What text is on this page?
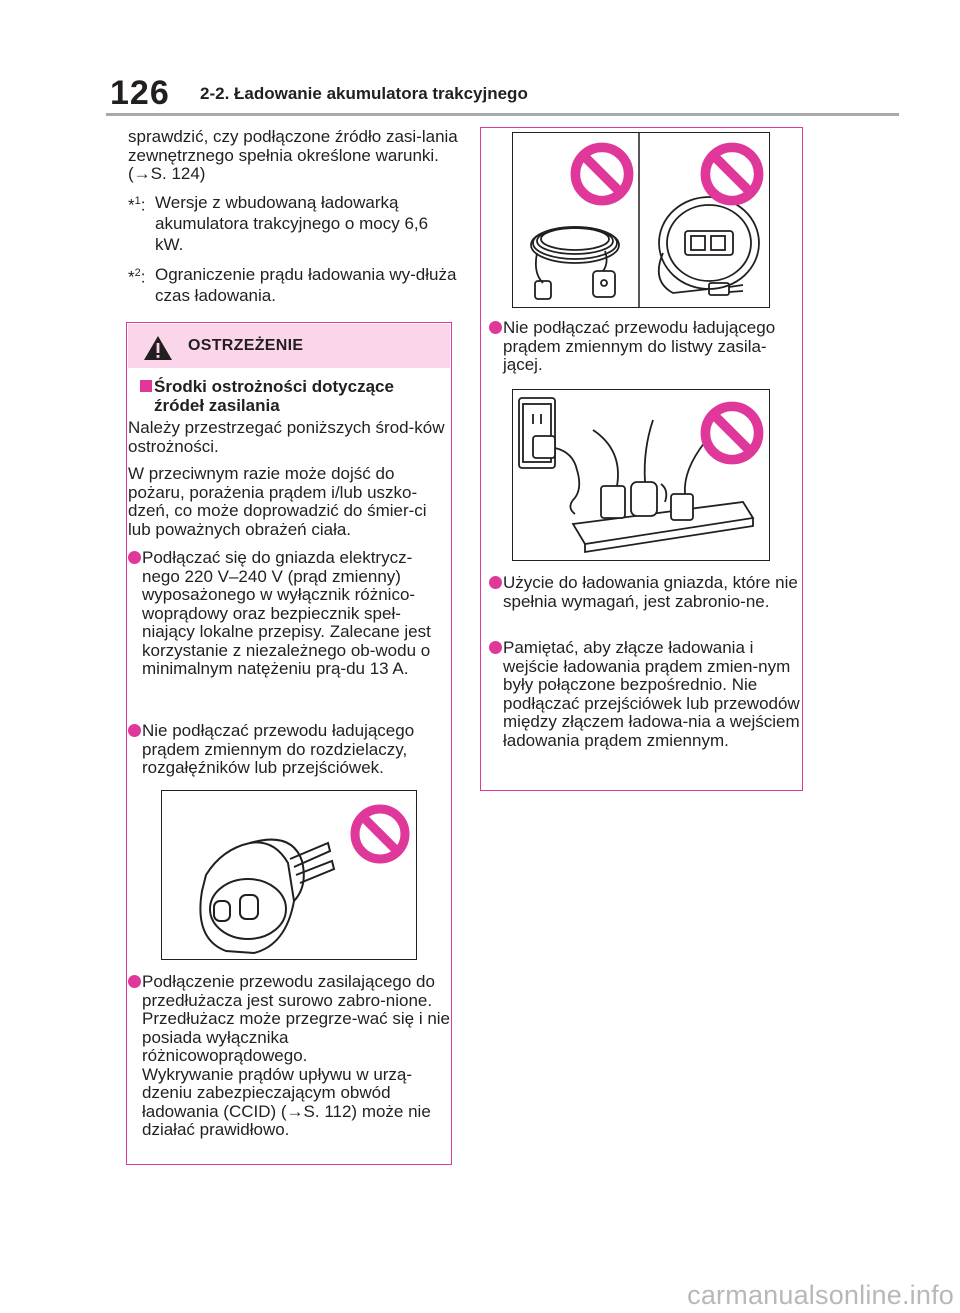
126 2-2. Ładowanie akumulatora trakcyjnego
sprawdzić, czy podłączone źródło zasi-lania zewnętrznego spełnia określone warunki. (→S. 124)
*$^1$: Wersje z wbudowaną ładowarką akumulatora trakcyjnego o mocy 6,6 kW.
*$^2$: Ograniczenie prądu ładowania wy-dłuża czas ładowania.
OSTRZEŻENIE
Środki ostrożności dotyczące źródeł zasilania
Należy przestrzegać poniższych środ-ków ostrożności.
W przeciwnym razie może dojść do pożaru, porażenia prądem i/lub uszko-dzeń, co może doprowadzić do śmier-ci lub poważnych obrażeń ciała.
Podłączać się do gniazda elektrycz-nego 220 V–240 V (prąd zmienny) wyposażonego w wyłącznik różnico-woprądowy oraz bezpiecznik speł-niający lokalne przepisy. Zalecane jest korzystanie z niezależnego ob-wodu o minimalnym natężeniu prą-du 13 A.
Nie podłączać przewodu ładującego prądem zmiennym do rozdzielaczy, rozgałęźników lub przejściówek.
Podłączenie przewodu zasilającego do przedłużacza jest surowo zabro-nione. Przedłużacz może przegrze-wać się i nie posiada wyłącznika różnicowoprądowego.
Wykrywanie prądów upływu w urzą-dzeniu zabezpieczającym obwód ładowania (CCID) (→S. 112) może nie działać prawidłowo.
Nie podłączać przewodu ładującego prądem zmiennym do listwy zasila-jącej.
Użycie do ładowania gniazda, które nie spełnia wymagań, jest zabronio-ne.
Pamiętać, aby złącze ładowania i wejście ładowania prądem zmien-nym były połączone bezpośrednio. Nie podłączać przejściówek lub przewodów między złączem ładowa-nia a wejściem ładowania prądem zmiennym.
carmanualsonline.info
